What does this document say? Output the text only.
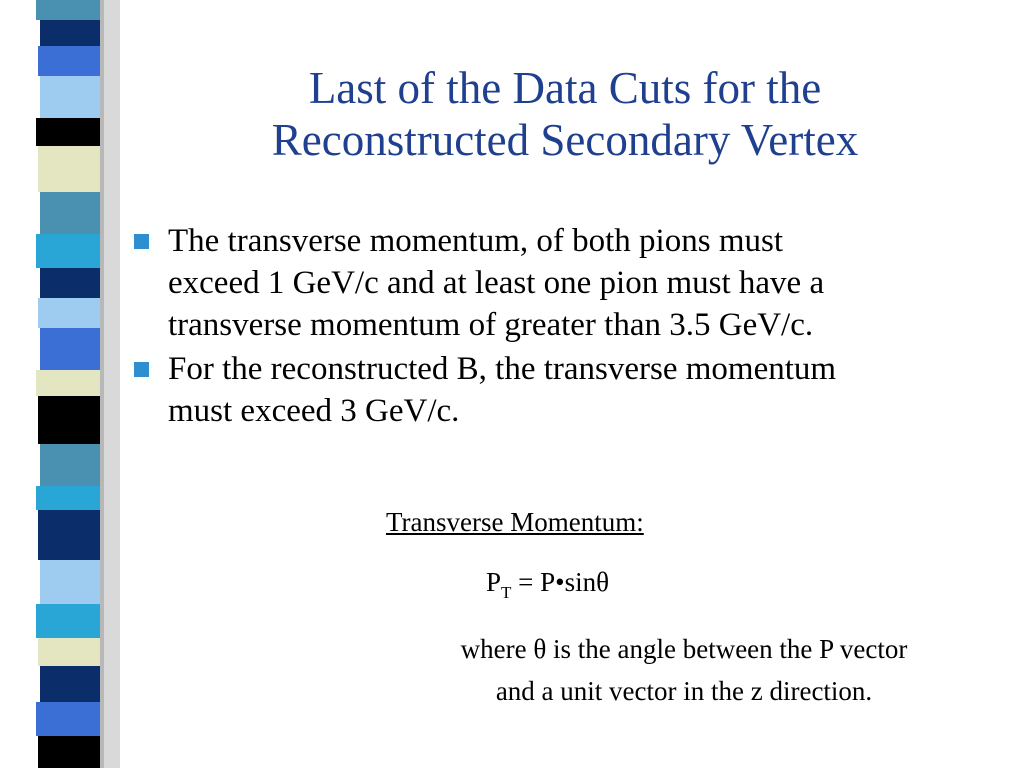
Last of the Data Cuts for the
Reconstructed Secondary Vertex
The transverse momentum, of both pions must
exceed 1 GeV/c and at least one pion must have a
transverse momentum of greater than 3.5 GeV/c.
For the reconstructed B, the transverse momentum
must exceed 3 GeV/c.
Transverse Momentum:
$P_T$ = P•sinθ
where θ is the angle between the P vector
and a unit vector in the z direction.
